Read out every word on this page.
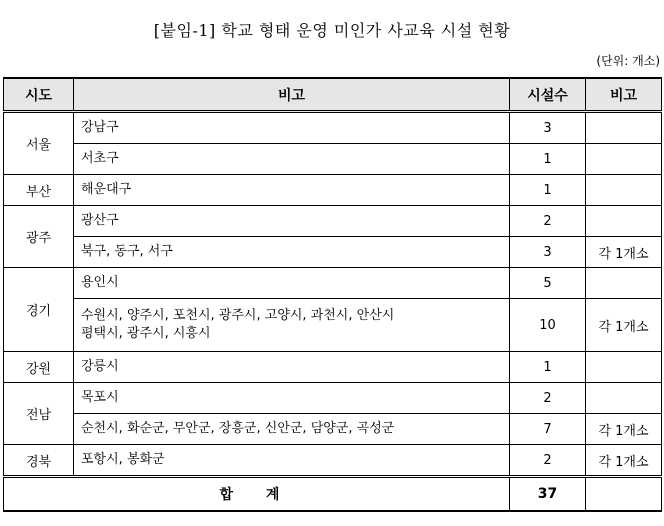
[붙임-1] 학교 형태 운영 미인가 사교육 시설 현황
(단위: 개소)
시도	비고	시설수	비고
서울	강남구	3	
	서초구	1	
부산	해운대구	1	
광주	광산구	2	
	북구, 동구, 서구	3	각 1개소
경기	용인시	5	

	수원시, 양주시, 포천시, 광주시, 고양시, 과천시, 안산시
평택시, 광주시, 시흥시	10	각 1개소
강원	강릉시	1	
전남	목포시	2	
	순천시, 화순군, 무안군, 장흥군, 신안군, 담양군, 곡성군	7	각 1개소
경북	포항시, 봉화군	2	각 1개소
합 계		37	
